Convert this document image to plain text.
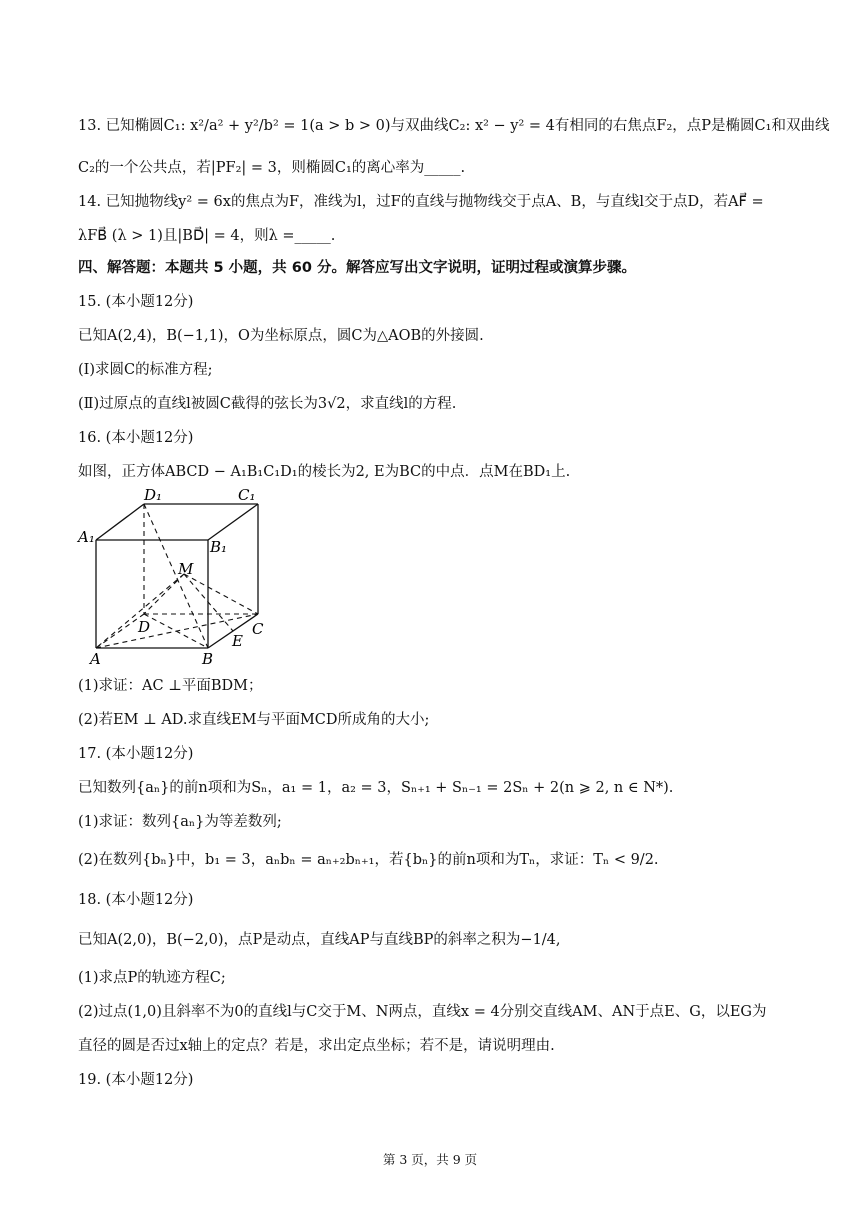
13. 已知椭圆C₁: x²/a² + y²/b² = 1(a > b > 0)与双曲线C₂: x² − y² = 4有相同的右焦点F₂，点P是椭圆C₁和双曲线
C₂的一个公共点，若|PF₂| = 3，则椭圆C₁的离心率为_____.
14. 已知抛物线y² = 6x的焦点为F，准线为l，过F的直线与抛物线交于点A、B，与直线l交于点D，若AF⃗ =
λFB⃗ (λ > 1)且|BD⃗| = 4，则λ =_____.
四、解答题：本题共 5 小题，共 60 分。解答应写出文字说明，证明过程或演算步骤。
15. (本小题12分)
已知A(2,4)，B(−1,1)，O为坐标原点，圆C为△AOB的外接圆.
(Ⅰ)求圆C的标准方程;
(Ⅱ)过原点的直线l被圆C截得的弦长为3√2，求直线l的方程.
16. (本小题12分)
如图，正方体ABCD − A₁B₁C₁D₁的棱长为2, E为BC的中点．点M在BD₁上.
D₁	C₁
A₁
B₁
M
D	C
E
A	B
(1)求证：AC ⊥平面BDM；
(2)若EM ⊥ AD.求直线EM与平面MCD所成角的大小;
17. (本小题12分)
已知数列{aₙ}的前n项和为Sₙ，a₁ = 1，a₂ = 3，Sₙ₊₁ + Sₙ₋₁ = 2Sₙ + 2(n ⩾ 2, n ∈ N*).
(1)求证：数列{aₙ}为等差数列;
(2)在数列{bₙ}中，b₁ = 3，aₙbₙ = aₙ₊₂bₙ₊₁，若{bₙ}的前n项和为Tₙ，求证：Tₙ < 9/2.
18. (本小题12分)
已知A(2,0)，B(−2,0)，点P是动点，直线AP与直线BP的斜率之积为−1/4,
(1)求点P的轨迹方程C;
(2)过点(1,0)且斜率不为0的直线l与C交于M、N两点，直线x = 4分别交直线AM、AN于点E、G，以EG为
直径的圆是否过x轴上的定点？若是，求出定点坐标；若不是，请说明理由.
19. (本小题12分)
第 3 页，共 9 页
